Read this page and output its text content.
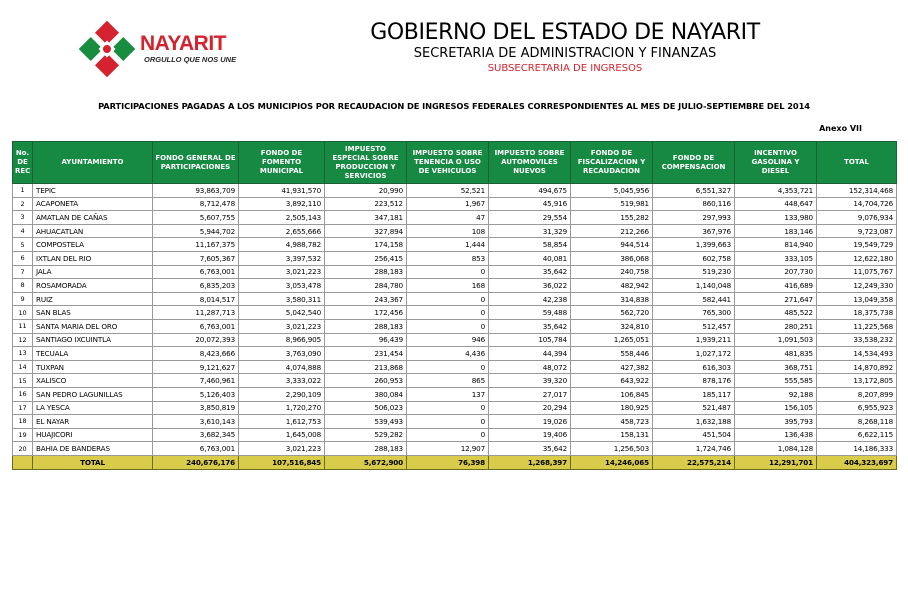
NAYARIT
ORGULLO QUE NOS UNE
GOBIERNO DEL ESTADO DE NAYARIT
SECRETARIA DE ADMINISTRACION Y FINANZAS
SUBSECRETARIA DE INGRESOS
PARTICIPACIONES PAGADAS A LOS MUNICIPIOS POR RECAUDACION DE INGRESOS FEDERALES CORRESPONDIENTES AL MES DE JULIO-SEPTIEMBRE DEL 2014
Anexo VII
No. DE REC	AYUNTAMIENTO	FONDO GENERAL DE PARTICIPACIONES	FONDO DE FOMENTO MUNICIPAL	IMPUESTO ESPECIAL SOBRE PRODUCCION Y SERVICIOS	IMPUESTO SOBRE TENENCIA O USO DE VEHICULOS	IMPUESTO SOBRE AUTOMOVILES NUEVOS	FONDO DE FISCALIZACION Y RECAUDACION	FONDO DE COMPENSACION	INCENTIVO GASOLINA Y DIESEL	TOTAL
1	TEPIC	93,863,709	41,931,570	20,990	52,521	494,675	5,045,956	6,551,327	4,353,721	152,314,468
2	ACAPONETA	8,712,478	3,892,110	223,512	1,967	45,916	519,981	860,116	448,647	14,704,726
3	AMATLAN DE CAÑAS	5,607,755	2,505,143	347,181	47	29,554	155,282	297,993	133,980	9,076,934
4	AHUACATLAN	5,944,702	2,655,666	327,894	108	31,329	212,266	367,976	183,146	9,723,087
5	COMPOSTELA	11,167,375	4,988,782	174,158	1,444	58,854	944,514	1,399,663	814,940	19,549,729
6	IXTLAN DEL RIO	7,605,367	3,397,532	256,415	853	40,081	386,068	602,758	333,105	12,622,180
7	JALA	6,763,001	3,021,223	288,183	0	35,642	240,758	519,230	207,730	11,075,767
8	ROSAMORADA	6,835,203	3,053,478	284,780	168	36,022	482,942	1,140,048	416,689	12,249,330
9	RUIZ	8,014,517	3,580,311	243,367	0	42,238	314,838	582,441	271,647	13,049,358
10	SAN BLAS	11,287,713	5,042,540	172,456	0	59,488	562,720	765,300	485,522	18,375,738
11	SANTA MARIA DEL ORO	6,763,001	3,021,223	288,183	0	35,642	324,810	512,457	280,251	11,225,568
12	SANTIAGO IXCUINTLA	20,072,393	8,966,905	96,439	946	105,784	1,265,051	1,939,211	1,091,503	33,538,232
13	TECUALA	8,423,666	3,763,090	231,454	4,436	44,394	558,446	1,027,172	481,835	14,534,493
14	TUXPAN	9,121,627	4,074,888	213,868	0	48,072	427,382	616,303	368,751	14,870,892
15	XALISCO	7,460,961	3,333,022	260,953	865	39,320	643,922	878,176	555,585	13,172,805
16	SAN PEDRO LAGUNILLAS	5,126,403	2,290,109	380,084	137	27,017	106,845	185,117	92,188	8,207,899
17	LA YESCA	3,850,819	1,720,270	506,023	0	20,294	180,925	521,487	156,105	6,955,923
18	EL NAYAR	3,610,143	1,612,753	539,493	0	19,026	458,723	1,632,188	395,793	8,268,118
19	HUAJICORI	3,682,345	1,645,008	529,282	0	19,406	158,131	451,504	136,438	6,622,115
20	BAHIA DE BANDERAS	6,763,001	3,021,223	288,183	12,907	35,642	1,256,503	1,724,746	1,084,128	14,186,333
	TOTAL	240,676,176	107,516,845	5,672,900	76,398	1,268,397	14,246,065	22,575,214	12,291,701	404,323,697
